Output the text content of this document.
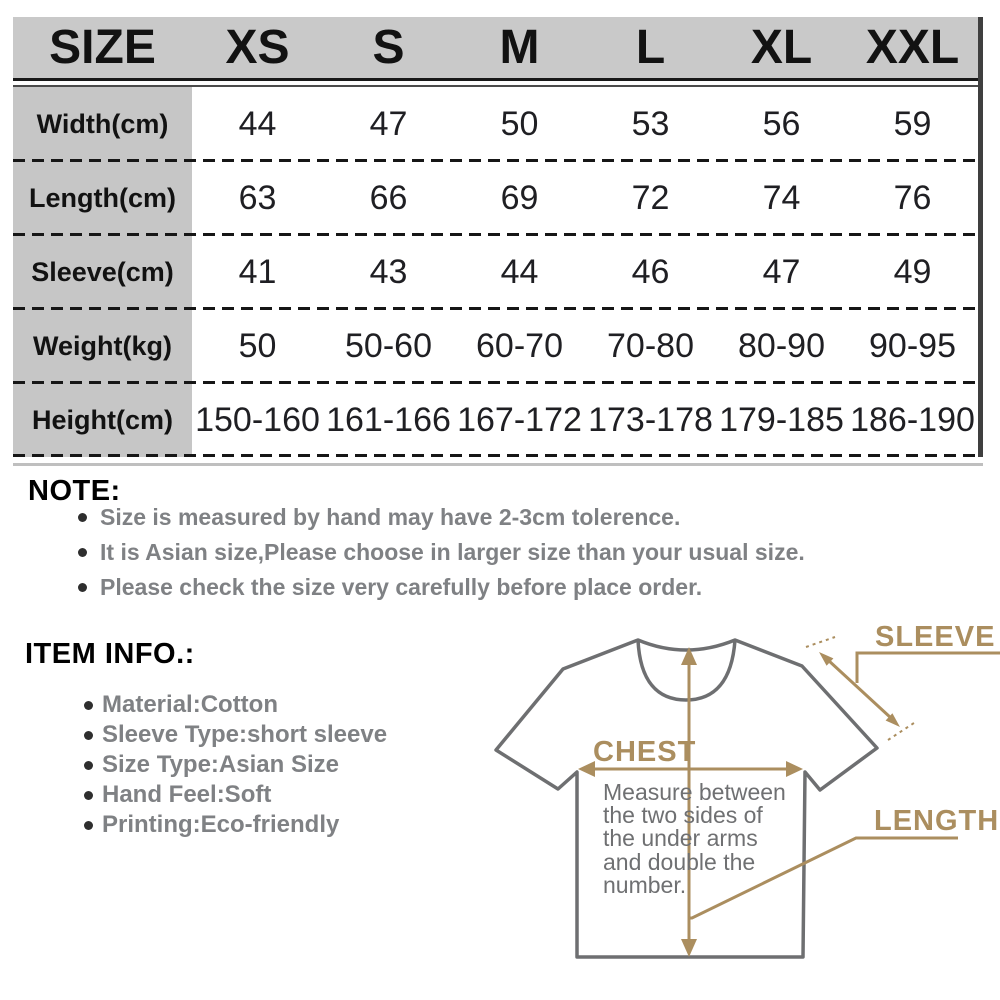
SIZE	XS	S	M	L	XL	XXL
Width(cm)	44	47	50	53	56	59
Length(cm)	63	66	69	72	74	76
Sleeve(cm)	41	43	44	46	47	49
Weight(kg)	50	50-60	60-70	70-80	80-90	90-95
Height(cm) 150-160 161-166 167-172 173-178 179-185 186-190
NOTE:
Size is measured by hand may have 2-3cm tolerence.
It is Asian size,Please choose in larger size than your usual size.
Please check the size very carefully before place order.
ITEM INFO.:
Material:Cotton
Sleeve Type:short sleeve
Size Type:Asian Size
Hand Feel:Soft
Printing:Eco-friendly
CHEST
Measure between
the two sides of
the under arms
and double the
number.
SLEEVE
LENGTH
